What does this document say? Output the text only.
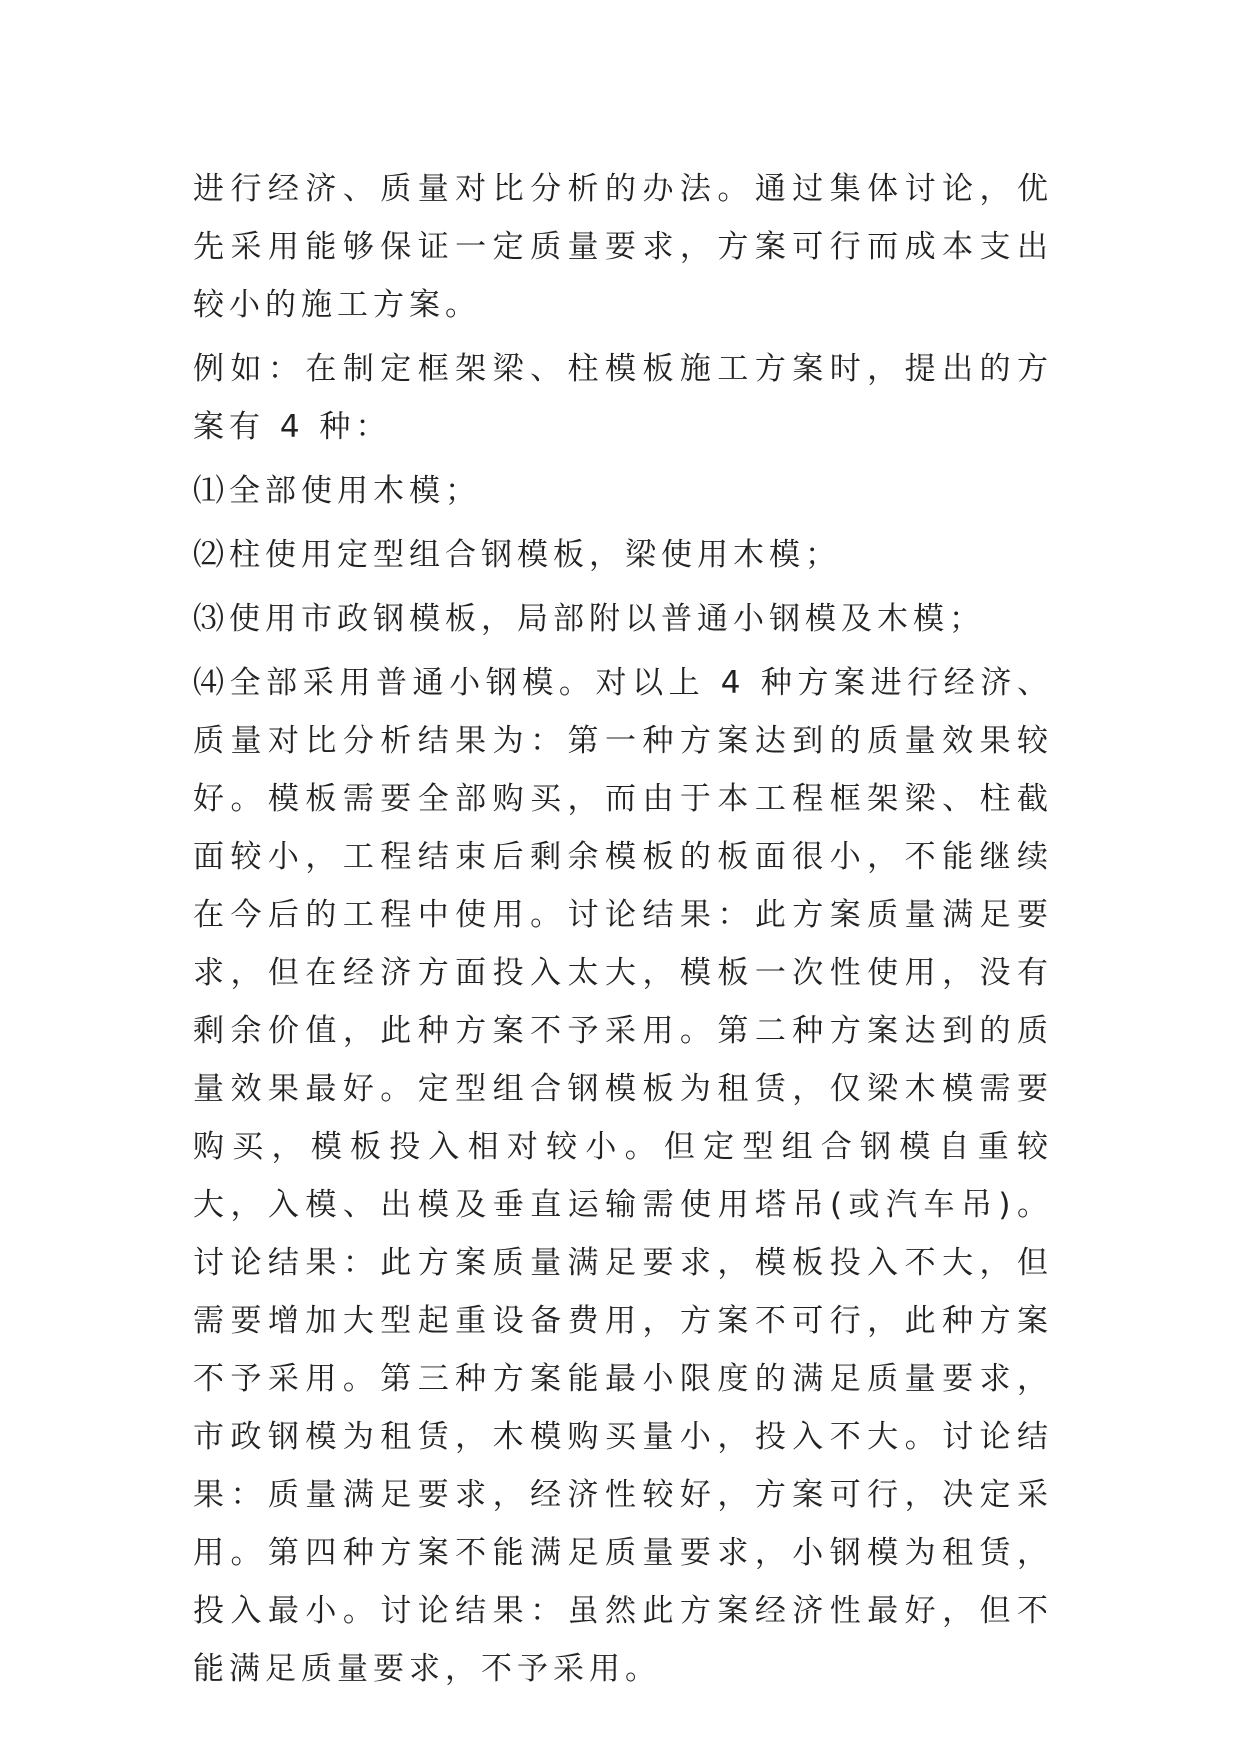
进行经济、质量对比分析的办法。通过集体讨论，优先采用能够保证一定质量要求，方案可行而成本支出较小的施工方案。

例如：在制定框架梁、柱模板施工方案时，提出的方案有 4 种：

⑴全部使用木模；

⑵柱使用定型组合钢模板，梁使用木模；

⑶使用市政钢模板，局部附以普通小钢模及木模；

⑷全部采用普通小钢模。对以上 4 种方案进行经济、质量对比分析结果为：第一种方案达到的质量效果较好。模板需要全部购买，而由于本工程框架梁、柱截面较小，工程结束后剩余模板的板面很小，不能继续在今后的工程中使用。讨论结果：此方案质量满足要求，但在经济方面投入太大，模板一次性使用，没有剩余价值，此种方案不予采用。第二种方案达到的质量效果最好。定型组合钢模板为租赁，仅梁木模需要购买，模板投入相对较小。但定型组合钢模自重较大，入模、出模及垂直运输需使用塔吊(或汽车吊)。讨论结果：此方案质量满足要求，模板投入不大，但需要增加大型起重设备费用，方案不可行，此种方案不予采用。第三种方案能最小限度的满足质量要求，市政钢模为租赁，木模购买量小，投入不大。讨论结果：质量满足要求，经济性较好，方案可行，决定采用。第四种方案不能满足质量要求，小钢模为租赁，投入最小。讨论结果：虽然此方案经济性最好，但不能满足质量要求，不予采用。
